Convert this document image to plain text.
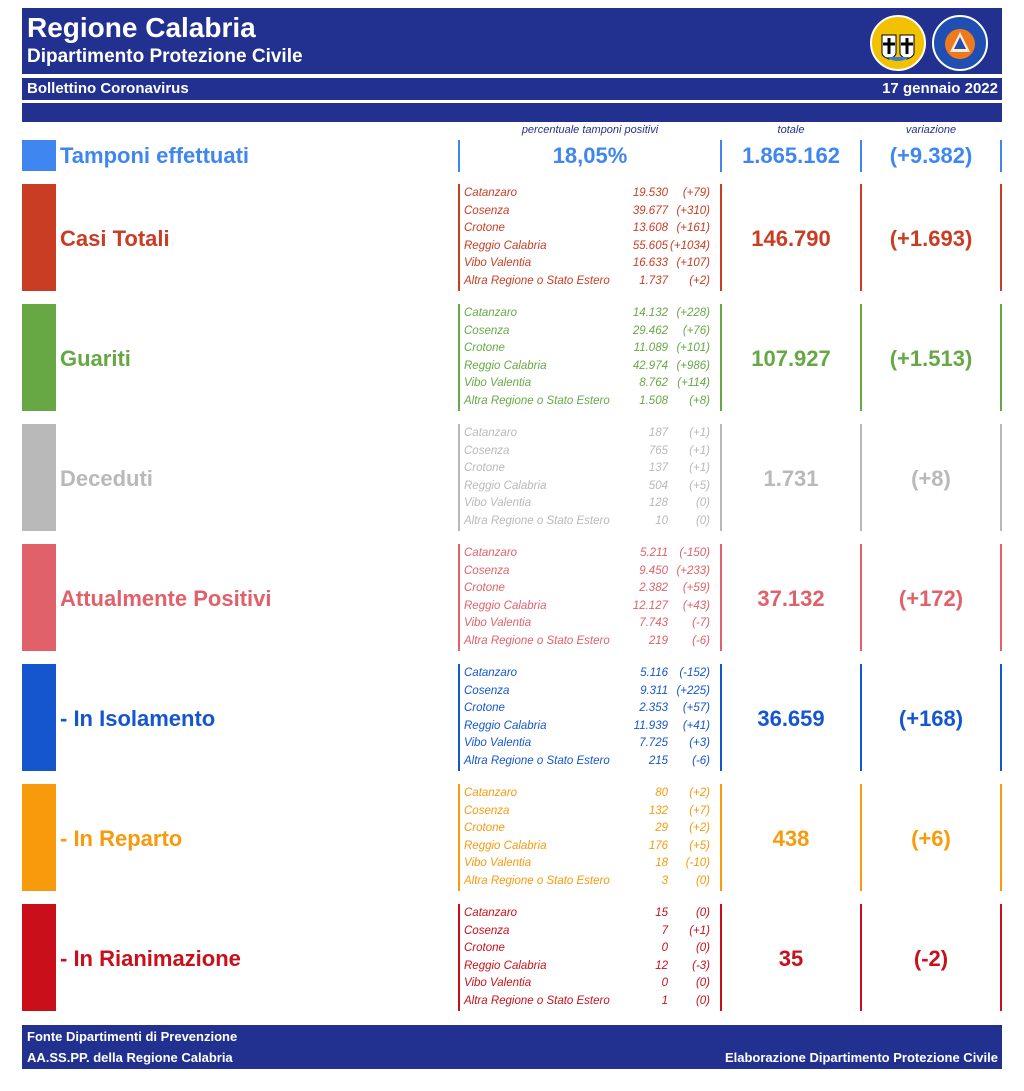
Regione Calabria
Dipartimento Protezione Civile
Bollettino Coronavirus	17 gennaio 2022
percentuale tamponi positivi	totale	variazione
Tamponi effettuati	18,05%	1.865.162	(+9.382)
Casi Totali	146.790	(+1.693)
Catanzaro	19.530 (+79)
Cosenza	39.677 (+310)
Crotone	13.608 (+161)
Reggio Calabria	55.605 (+1034)
Vibo Valentia	16.633 (+107)
Altra Regione o Stato Estero	1.737 (+2)
Guariti	107.927	(+1.513)
Catanzaro	14.132 (+228)
Cosenza	29.462 (+76)
Crotone	11.089 (+101)
Reggio Calabria	42.974 (+986)
Vibo Valentia	8.762 (+114)
Altra Regione o Stato Estero	1.508 (+8)
Deceduti	1.731	(+8)
Catanzaro	187 (+1)
Cosenza	765 (+1)
Crotone	137 (+1)
Reggio Calabria	504 (+5)
Vibo Valentia	128 (0)
Altra Regione o Stato Estero	10 (0)
Attualmente Positivi	37.132	(+172)
Catanzaro	5.211 (-150)
Cosenza	9.450 (+233)
Crotone	2.382 (+59)
Reggio Calabria	12.127 (+43)
Vibo Valentia	7.743 (-7)
Altra Regione o Stato Estero	219 (-6)
- In Isolamento	36.659	(+168)
Catanzaro	5.116 (-152)
Cosenza	9.311 (+225)
Crotone	2.353 (+57)
Reggio Calabria	11.939 (+41)
Vibo Valentia	7.725 (+3)
Altra Regione o Stato Estero	215 (-6)
- In Reparto	438	(+6)
Catanzaro	80 (+2)
Cosenza	132 (+7)
Crotone	29 (+2)
Reggio Calabria	176 (+5)
Vibo Valentia	18 (-10)
Altra Regione o Stato Estero	3 (0)
- In Rianimazione	35	(-2)
Catanzaro	15 (0)
Cosenza	7 (+1)
Crotone	0 (0)
Reggio Calabria	12 (-3)
Vibo Valentia	0 (0)
Altra Regione o Stato Estero	1 (0)
Fonte Dipartimenti di Prevenzione
AA.SS.PP. della Regione Calabria	Elaborazione Dipartimento Protezione Civile
